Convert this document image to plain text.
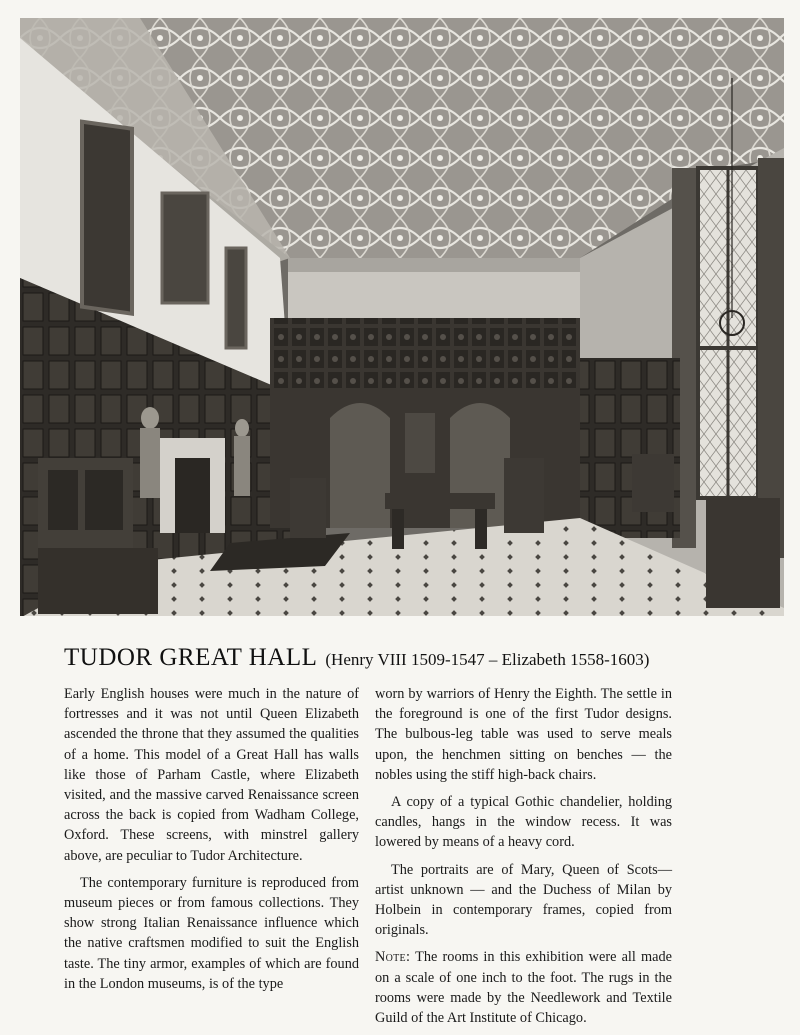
TUDOR GREAT HALL (Henry VIII 1509-1547 – Elizabeth 1558-1603)

Early English houses were much in the nature of fortresses and it was not until Queen Elizabeth ascended the throne that they assumed the qualities of a home. This model of a Great Hall has walls like those of Parham Castle, where Elizabeth visited, and the massive carved Renaissance screen across the back is copied from Wadham College, Oxford. These screens, with minstrel gallery above, are peculiar to Tudor Architecture.

The contemporary furniture is reproduced from museum pieces or from famous collections. They show strong Italian Renaissance influence which the native craftsmen modified to suit the English taste. The tiny armor, examples of which are found in the London museums, is of the type

worn by warriors of Henry the Eighth. The settle in the foreground is one of the first Tudor designs. The bulbous-leg table was used to serve meals upon, the henchmen sitting on benches — the nobles using the stiff high-back chairs.

A copy of a typical Gothic chandelier, holding candles, hangs in the window recess. It was lowered by means of a heavy cord.

The portraits are of Mary, Queen of Scots— artist unknown — and the Duchess of Milan by Holbein in contemporary frames, copied from originals.

Note: The rooms in this exhibition were all made on a scale of one inch to the foot. The rugs in the rooms were made by the Needlework and Textile Guild of the Art Institute of Chicago.
